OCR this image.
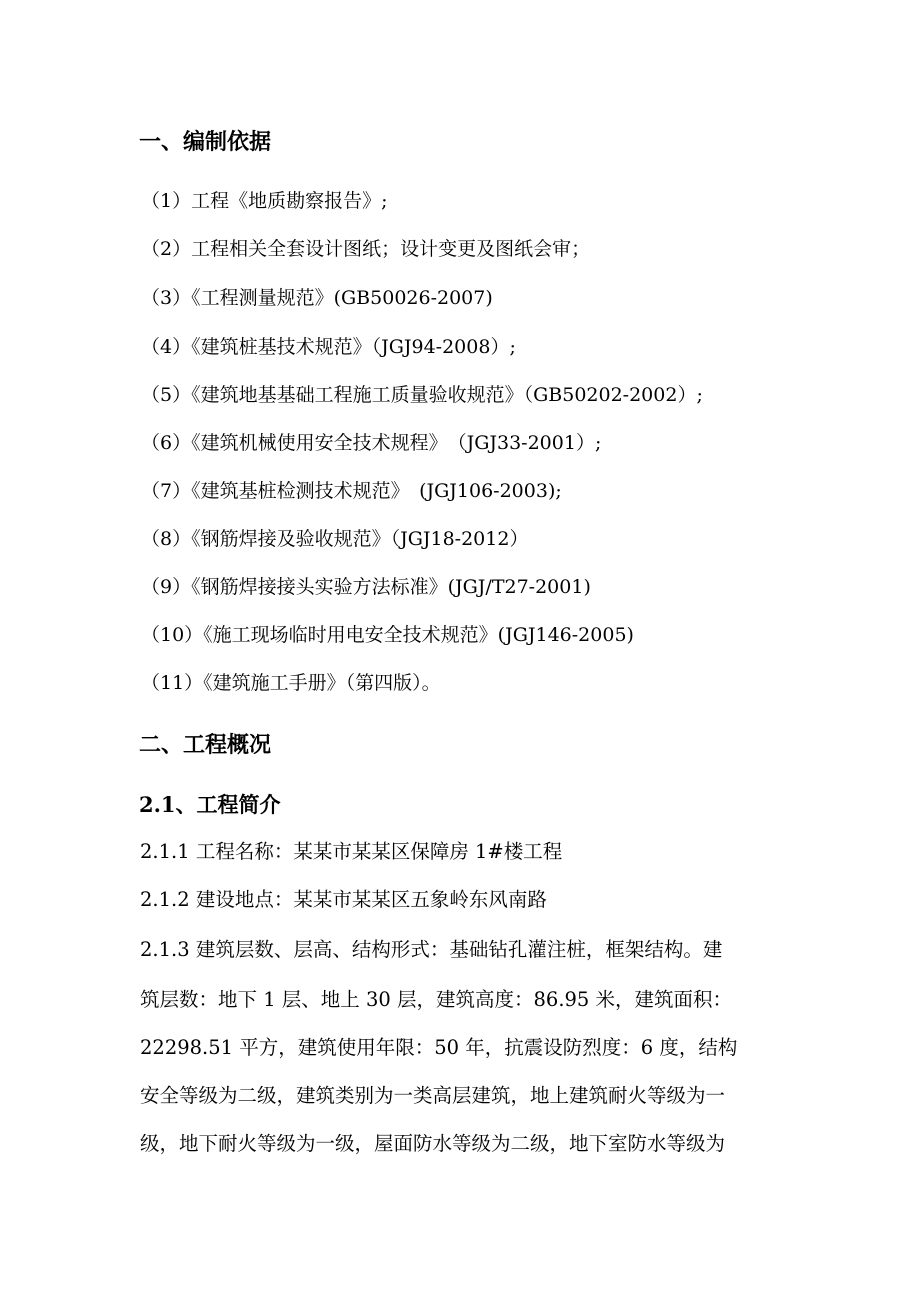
一、编制依据
（1）工程《地质勘察报告》;
（2）工程相关全套设计图纸；设计变更及图纸会审；
（3）《工程测量规范》(GB50026-2007)
（4）《建筑桩基技术规范》（JGJ94-2008）;
（5）《建筑地基基础工程施工质量验收规范》（GB50202-2002）;
（6）《建筑机械使用安全技术规程》　（JGJ33-2001）;
（7）《建筑基桩检测技术规范》　(JGJ106-2003);
（8）《钢筋焊接及验收规范》（JGJ18-2012）
（9）《钢筋焊接接头实验方法标准》(JGJ/T27-2001)
（10）《施工现场临时用电安全技术规范》(JGJ146-2005)
（11）《建筑施工手册》（第四版）。
二、工程概况
2.1、工程简介
2.1.1 工程名称：某某市某某区保障房 1#楼工程
2.1.2 建设地点：某某市某某区五象岭东风南路
2.1.3 建筑层数、层高、结构形式：基础钻孔灌注桩，框架结构。建
筑层数：地下 1 层、地上 30 层，建筑高度：86.95 米，建筑面积：
22298.51 平方，建筑使用年限：50 年，抗震设防烈度：6 度，结构
安全等级为二级，建筑类别为一类高层建筑，地上建筑耐火等级为一
级，地下耐火等级为一级，屋面防水等级为二级，地下室防水等级为
